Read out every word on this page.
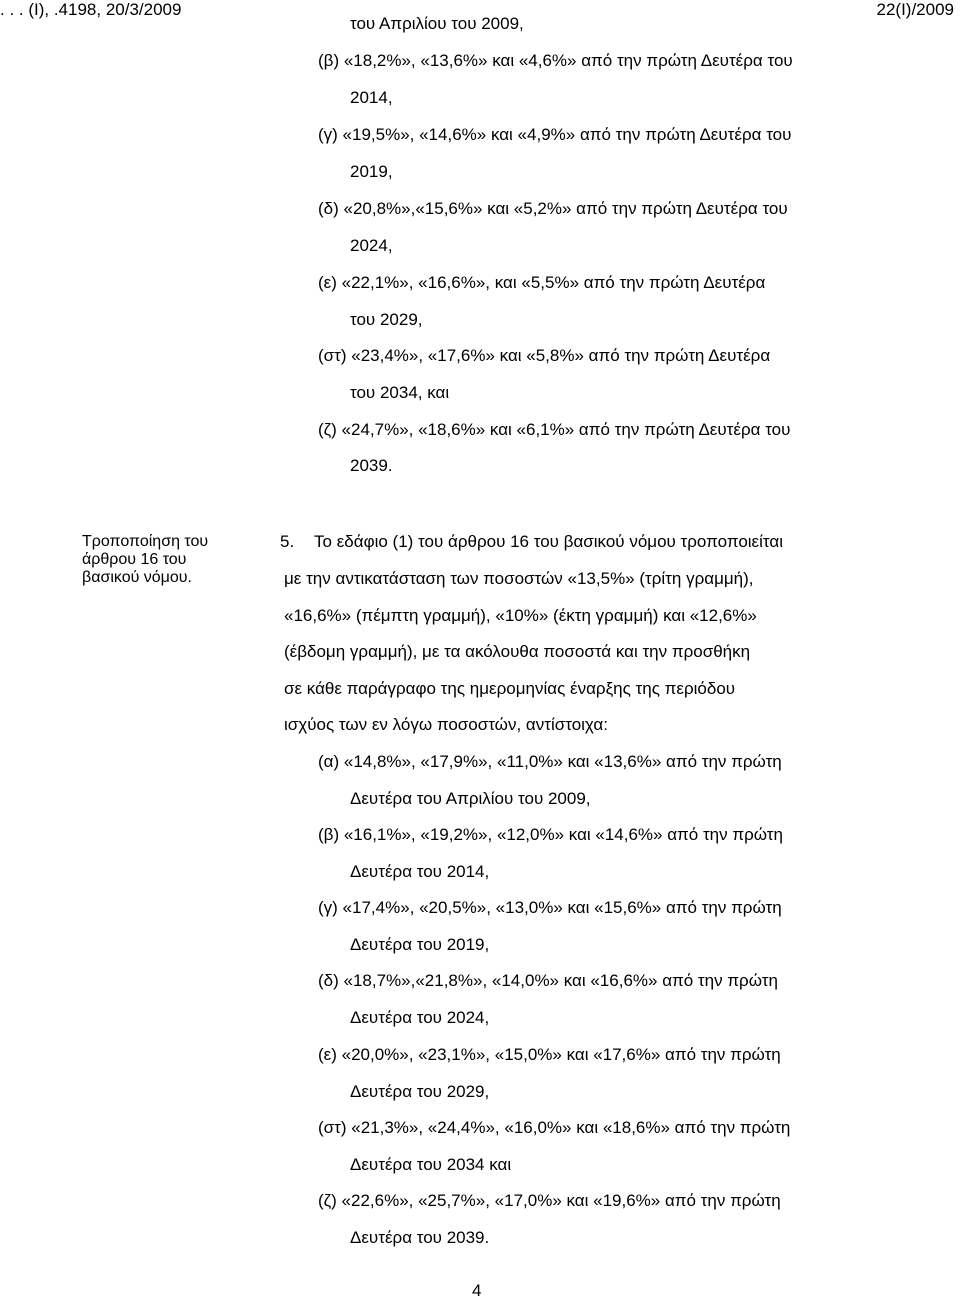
. . . (Ι), .4198, 20/3/2009	22(Ι)/2009
του Απριλίου του 2009,
(β) «18,2%», «13,6%» και «4,6%» από την πρώτη Δευτέρα του
2014,
(γ) «19,5%», «14,6%» και «4,9%» από την πρώτη Δευτέρα του
2019,
(δ) «20,8%»,«15,6%» και «5,2%» από την πρώτη Δευτέρα του
2024,
(ε) «22,1%», «16,6%», και «5,5%» από την πρώτη Δευτέρα
του 2029,
(στ) «23,4%», «17,6%» και «5,8%» από την πρώτη Δευτέρα
του 2034, και
(ζ) «24,7%», «18,6%» και «6,1%» από την πρώτη Δευτέρα του
2039.
Τροποποίηση του
άρθρου 16 του
βασικού νόμου.
5. Το εδάφιο (1) του άρθρου 16 του βασικού νόμου τροποποιείται
με την αντικατάσταση των ποσοστών «13,5%» (τρίτη γραμμή),
«16,6%» (πέμπτη γραμμή), «10%» (έκτη γραμμή) και «12,6%»
(έβδομη γραμμή), με τα ακόλουθα ποσοστά και την προσθήκη
σε κάθε παράγραφο της ημερομηνίας έναρξης της περιόδου
ισχύος των εν λόγω ποσοστών, αντίστοιχα:
(α) «14,8%», «17,9%», «11,0%» και «13,6%» από την πρώτη
Δευτέρα του Απριλίου του 2009,
(β) «16,1%», «19,2%», «12,0%» και «14,6%» από την πρώτη
Δευτέρα του 2014,
(γ) «17,4%», «20,5%», «13,0%» και «15,6%» από την πρώτη
Δευτέρα του 2019,
(δ) «18,7%»,«21,8%», «14,0%» και «16,6%» από την πρώτη
Δευτέρα του 2024,
(ε) «20,0%», «23,1%», «15,0%» και «17,6%» από την πρώτη
Δευτέρα του 2029,
(στ) «21,3%», «24,4%», «16,0%» και «18,6%» από την πρώτη
Δευτέρα του 2034 και
(ζ) «22,6%», «25,7%», «17,0%» και «19,6%» από την πρώτη
Δευτέρα του 2039.
4
